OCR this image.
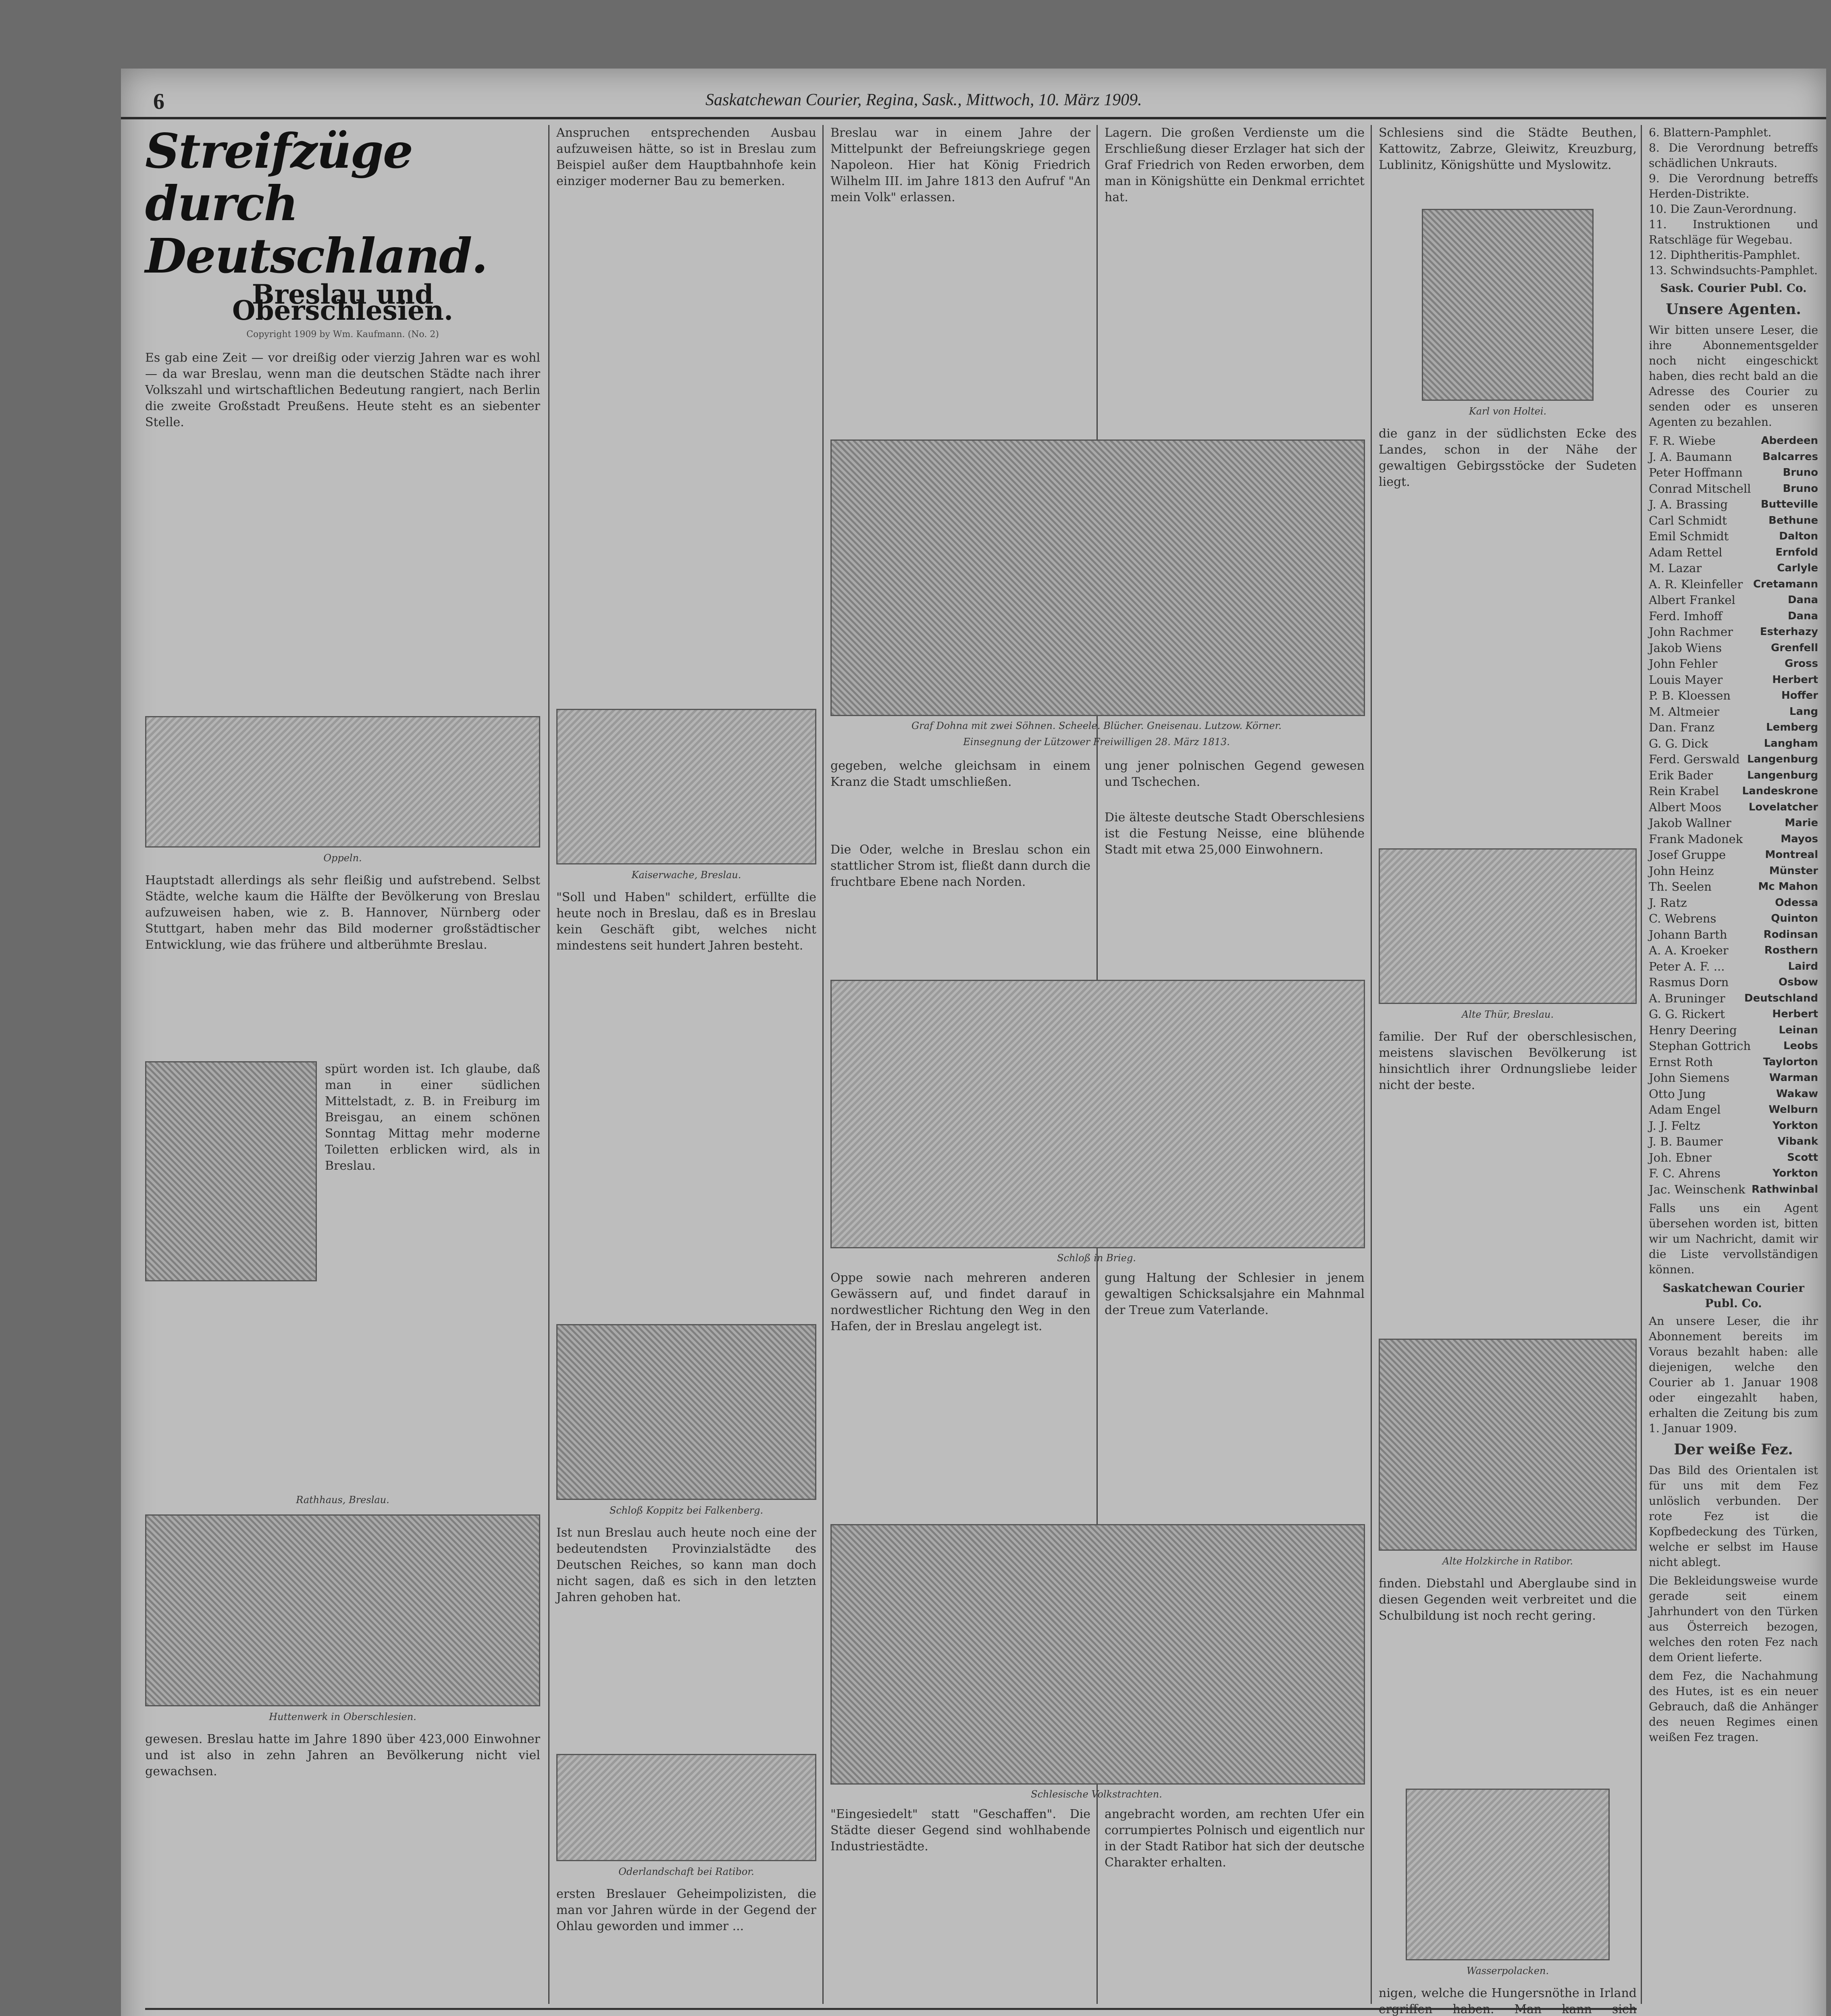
6	Saskatchewan Courier, Regina, Sask., Mittwoch, 10. März 1909.
Streifzüge durch Deutschland.
Breslau und Oberschlesien.
Copyright 1909 by Wm. Kaufmann. (No. 2)

Es gab eine Zeit — vor dreißig oder vierzig Jahren war es wohl — da war Breslau, wenn man die deutschen Städte nach ihrer Volkszahl und wirtschaftlichen Bedeutung rangiert, nach Berlin die zweite Großstadt Preußens. Heute steht es an siebenter Stelle.

Oppeln.

Hauptstadt allerdings als sehr fleißig und aufstrebend. Selbst Städte, welche kaum die Hälfte der Bevölkerung von Breslau aufzuweisen haben, wie z. B. Hannover, Nürnberg oder Stuttgart, haben mehr das Bild moderner großstädtischer Entwicklung, wie das frühere und altberühmte Breslau.

spürt worden ist. Ich glaube, daß man in einer südlichen Mittelstadt, z. B. in Freiburg im Breisgau, an einem schönen Sonntag Mittag mehr moderne Toiletten erblicken wird, als in Breslau.

Rathhaus, Breslau.
Huttenwerk in Oberschlesien.

gewesen. Breslau hatte im Jahre 1890 über 423,000 Einwohner und ist also in zehn Jahren an Bevölkerung nicht viel gewachsen.

Anspruchen entsprechenden Ausbau aufzuweisen hätte, so ist in Breslau zum Beispiel außer dem Hauptbahnhofe kein einziger moderner Bau zu bemerken.

Kaiserwache, Breslau.

"Soll und Haben" schildert, erfüllte die heute noch in Breslau, daß es in Breslau kein Geschäft gibt, welches nicht mindestens seit hundert Jahren besteht.

Schloß Koppitz bei Falkenberg.

Ist nun Breslau auch heute noch eine der bedeutendsten Provinzialstädte des Deutschen Reiches, so kann man doch nicht sagen, daß es sich in den letzten Jahren gehoben hat.

Oderlandschaft bei Ratibor.

ersten Breslauer Geheimpolizisten, die man vor Jahren würde in der Gegend der Ohlau geworden und immer ...

Breslau war in einem Jahre der Mittelpunkt der Befreiungskriege gegen Napoleon. Hier hat König Friedrich Wilhelm III. im Jahre 1813 den Aufruf "An mein Volk" erlassen.

Graf Dohna mit zwei Söhnen. Scheele. Blücher. Gneisenau. Lutzow. Körner.
Einsegnung der Lützower Freiwilligen 28. März 1813.

gegeben, welche gleichsam in einem Kranz die Stadt umschließen.

Die Oder, welche in Breslau schon ein stattlicher Strom ist, fließt dann durch die fruchtbare Ebene nach Norden.

ung jener polnischen Gegend gewesen und Tschechen.

Die älteste deutsche Stadt Oberschlesiens ist die Festung Neisse, eine blühende Stadt mit etwa 25,000 Einwohnern.

Schloß in Brieg.

Oppe sowie nach mehreren anderen Gewässern auf, und findet darauf in nordwestlicher Richtung den Weg in den Hafen, der in Breslau angelegt ist.

gung Haltung der Schlesier in jenem gewaltigen Schicksalsjahre ein Mahnmal der Treue zum Vaterlande.

Schlesische Volkstrachten.

"Eingesiedelt" statt "Geschaffen". Die Städte dieser Gegend sind wohlhabende Industriestädte.

angebracht worden, am rechten Ufer ein corrumpiertes Polnisch und eigentlich nur in der Stadt Ratibor hat sich der deutsche Charakter erhalten.

Lagern. Die großen Verdienste um die Erschließung dieser Erzlager hat sich der Graf Friedrich von Reden erworben, dem man in Königshütte ein Denkmal errichtet hat.

Schlesiens sind die Städte Beuthen, Kattowitz, Zabrze, Gleiwitz, Kreuzburg, Lublinitz, Königshütte und Myslowitz.

Karl von Holtei.

die ganz in der südlichsten Ecke des Landes, schon in der Nähe der gewaltigen Gebirgsstöcke der Sudeten liegt.

Alte Thür, Breslau.

familie. Der Ruf der oberschlesischen, meistens slavischen Bevölkerung ist hinsichtlich ihrer Ordnungsliebe leider nicht der beste.

Alte Holzkirche in Ratibor.

finden. Diebstahl und Aberglaube sind in diesen Gegenden weit verbreitet und die Schulbildung ist noch recht gering.

Wasserpolacken.

nigen, welche die Hungersnöthe in Irland ergriffen haben. Man kann sich

6. Blattern-Pamphlet.
8. Die Verordnung betreffs schädlichen Unkrauts.
9. Die Verordnung betreffs Herden-Distrikte.
10. Die Zaun-Verordnung.
11. Instruktionen und Ratschläge für Wegebau.
12. Diphtheritis-Pamphlet.
13. Schwindsuchts-Pamphlet.
Sask. Courier Publ. Co.
Unsere Agenten.

Wir bitten unsere Leser, die ihre Abonnementsgelder noch nicht eingeschickt haben, dies recht bald an die Adresse des Courier zu senden oder es unseren Agenten zu bezahlen.

F. R. Wiebe	Aberdeen
J. A. Baumann	Balcarres
Peter Hoffmann	Bruno
Conrad Mitschell	Bruno
J. A. Brassing	Butteville
Carl Schmidt	Bethune
Emil Schmidt	Dalton
Adam Rettel	Ernfold
M. Lazar	Carlyle
A. R. Kleinfeller Cretamann
Albert Frankel	Dana
Ferd. Imhoff	Dana
John Rachmer	Esterhazy
Jakob Wiens	Grenfell
John Fehler	Gross
Louis Mayer	Herbert
P. B. Kloessen	Hoffer
M. Altmeier	Lang
Dan. Franz	Lemberg
G. G. Dick	Langham
Ferd. Gerswald Langenburg
Erik Bader	Langenburg
Rein Krabel Landeskrone
Albert Moos	Lovelatcher
Jakob Wallner	Marie
Frank Madonek	Mayos
Josef Gruppe	Montreal
John Heinz	Münster
Th. Seelen	Mc Mahon
J. Ratz	Odessa
C. Webrens	Quinton
Johann Barth	Rodinsan
A. A. Kroeker	Rosthern
Peter A. F. ...	Laird
Rasmus Dorn	Osbow
A. Bruninger Deutschland
G. G. Rickert	Herbert
Henry Deering	Leinan
Stephan Gottrich	Leobs
Ernst Roth	Taylorton
John Siemens	Warman
Otto Jung	Wakaw
Adam Engel	Welburn
J. J. Feltz	Yorkton
J. B. Baumer	Vibank
Joh. Ebner	Scott
F. C. Ahrens	Yorkton
Jac. Weinschenk Rathwinbal

Falls uns ein Agent übersehen worden ist, bitten wir um Nachricht, damit wir die Liste vervollständigen können.

Saskatchewan Courier Publ. Co.

An unsere Leser, die ihr Abonnement bereits im Voraus bezahlt haben: alle diejenigen, welche den Courier ab 1. Januar 1908 oder eingezahlt haben, erhalten die Zeitung bis zum 1. Januar 1909.

Der weiße Fez.

Das Bild des Orientalen ist für uns mit dem Fez unlöslich verbunden. Der rote Fez ist die Kopfbedeckung des Türken, welche er selbst im Hause nicht ablegt.

Die Bekleidungsweise wurde gerade seit einem Jahrhundert von den Türken aus Österreich bezogen, welches den roten Fez nach dem Orient lieferte.

dem Fez, die Nachahmung des Hutes, ist es ein neuer Gebrauch, daß die Anhänger des neuen Regimes einen weißen Fez tragen.
